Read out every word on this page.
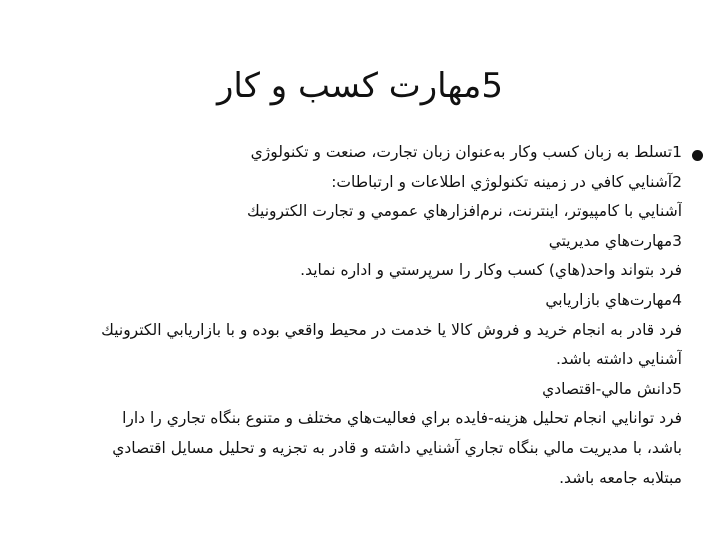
5مهارت كسب و كار
1تسلط به زبان كسب وكار به‌عنوان زبان تجارت، صنعت و تكنولوژي
2آشنايي كافي در زمينه تكنولوژي اطلاعات و ارتباطات:
آشنايي با كامپيوتر، اينترنت، نرم‌افزارهاي عمومي و تجارت الكترونيك
3مهارت‌هاي مديريتي
فرد بتواند واحد(هاي) كسب وكار را سرپرستي و اداره نمايد.
4مهارت‌هاي بازاريابي
فرد قادر به انجام خريد و فروش كالا يا خدمت در محيط واقعي بوده و با بازاريابي الكترونيك
آشنايي داشته باشد.
5دانش مالي-اقتصادي
فرد توانايي انجام تحليل هزينه-فايده براي فعاليت‌هاي مختلف و متنوع بنگاه تجاري را دارا
باشد، با مديريت مالي بنگاه تجاري آشنايي داشته و قادر به تجزيه و تحليل مسايل اقتصادي
مبتلابه جامعه باشد.
